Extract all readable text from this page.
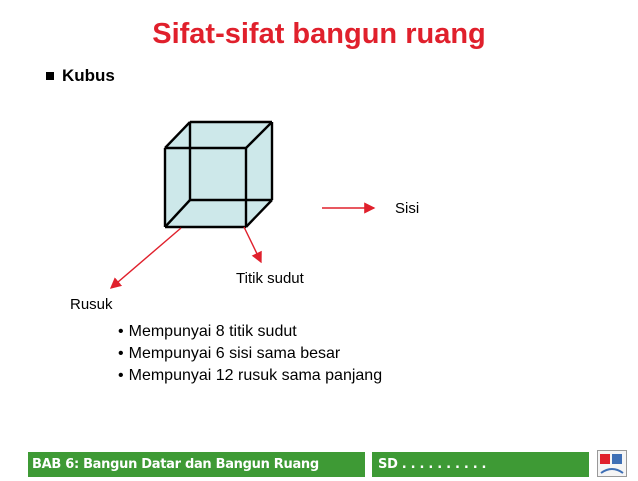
Sifat-sifat bangun ruang
Kubus
Sisi
Titik sudut
Rusuk
• Mempunyai 8 titik sudut
• Mempunyai 6 sisi sama besar
• Mempunyai 12 rusuk sama panjang
BAB 6: Bangun Datar dan Bangun Ruang	SD . . . . . . . . . .
